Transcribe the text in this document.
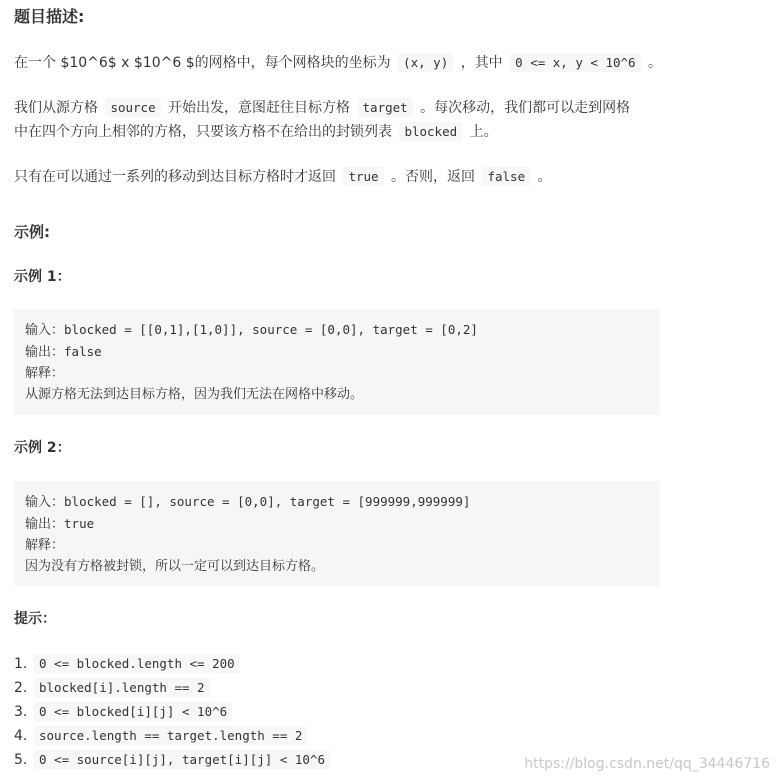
题目描述:
在一个 $10^6$ x $10^6 $的网格中，每个网格块的坐标为 (x, y) ，其中 0 <= x, y < 10^6 。
我们从源方格 source 开始出发，意图赶往目标方格 target 。每次移动，我们都可以走到网格
中在四个方向上相邻的方格，只要该方格不在给出的封锁列表 blocked 上。
只有在可以通过一系列的移动到达目标方格时才返回 true 。否则，返回 false 。
示例:
示例 1：
输入：blocked = [[0,1],[1,0]], source = [0,0], target = [0,2]
输出：false
解释：
从源方格无法到达目标方格，因为我们无法在网格中移动。
示例 2：
输入：blocked = [], source = [0,0], target = [999999,999999]
输出：true
解释：
因为没有方格被封锁，所以一定可以到达目标方格。
提示：
1. 0 <= blocked.length <= 200
2. blocked[i].length == 2
3. 0 <= blocked[i][j] < 10^6
4. source.length == target.length == 2
5. 0 <= source[i][j], target[i][j] < 10^6	https://blog.csdn.net/qq_34446716
